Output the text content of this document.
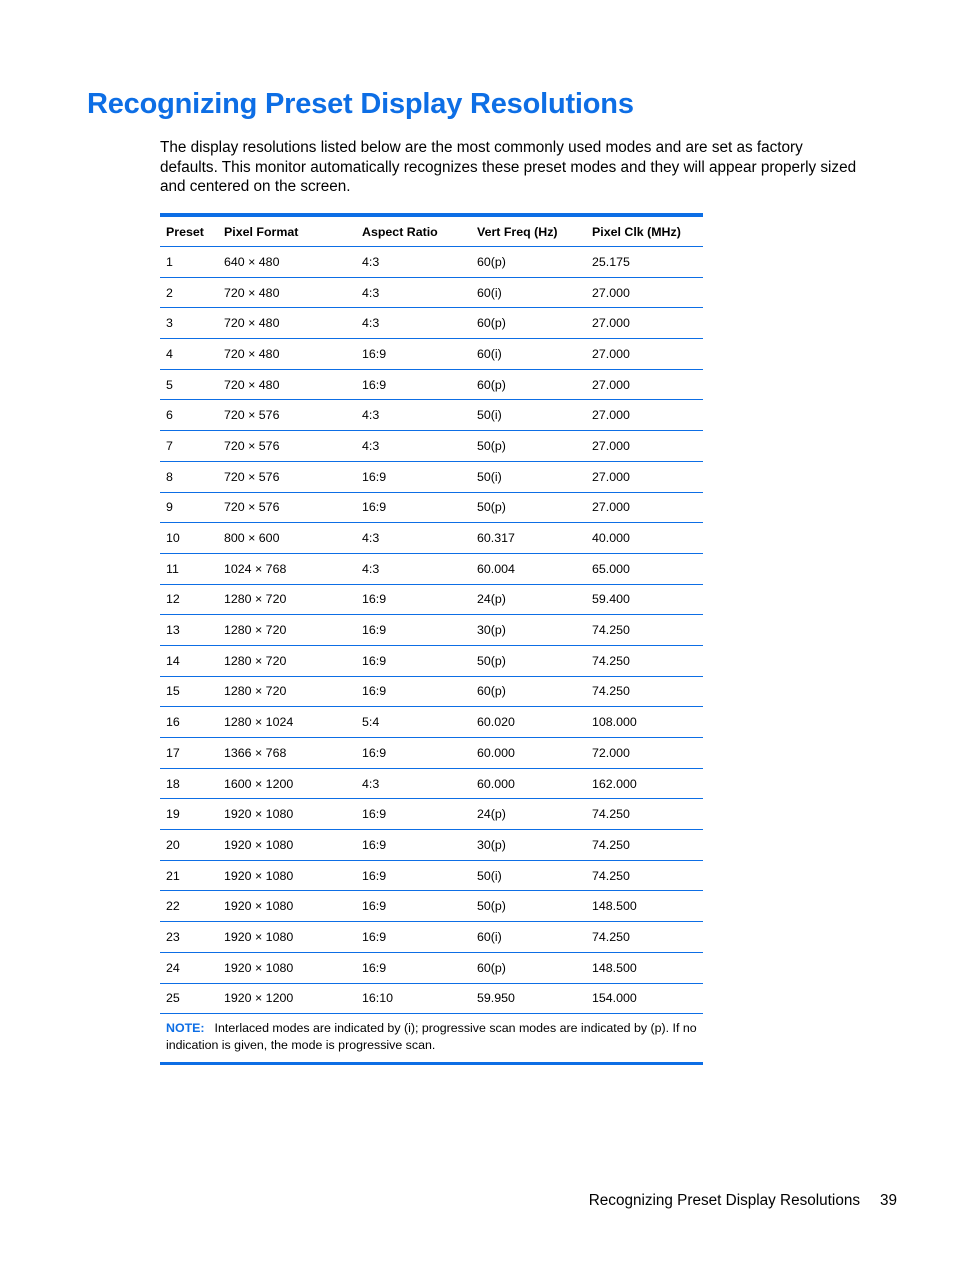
Recognizing Preset Display Resolutions

The display resolutions listed below are the most commonly used modes and are set as factory defaults. This monitor automatically recognizes these preset modes and they will appear properly sized and centered on the screen.

Preset	Pixel Format	Aspect Ratio	Vert Freq (Hz)	Pixel Clk (MHz)
1	640 × 480	4:3	60(p)	25.175
2	720 × 480	4:3	60(i)	27.000
3	720 × 480	4:3	60(p)	27.000
4	720 × 480	16:9	60(i)	27.000
5	720 × 480	16:9	60(p)	27.000
6	720 × 576	4:3	50(i)	27.000
7	720 × 576	4:3	50(p)	27.000
8	720 × 576	16:9	50(i)	27.000
9	720 × 576	16:9	50(p)	27.000
10	800 × 600	4:3	60.317	40.000
11	1024 × 768	4:3	60.004	65.000
12	1280 × 720	16:9	24(p)	59.400
13	1280 × 720	16:9	30(p)	74.250
14	1280 × 720	16:9	50(p)	74.250
15	1280 × 720	16:9	60(p)	74.250
16	1280 × 1024	5:4	60.020	108.000
17	1366 × 768	16:9	60.000	72.000
18	1600 × 1200	4:3	60.000	162.000
19	1920 × 1080	16:9	24(p)	74.250
20	1920 × 1080	16:9	30(p)	74.250
21	1920 × 1080	16:9	50(i)	74.250
22	1920 × 1080	16:9	50(p)	148.500
23	1920 × 1080	16:9	60(i)	74.250
24	1920 × 1080	16:9	60(p)	148.500
25	1920 × 1200	16:10	59.950	154.000
NOTE: Interlaced modes are indicated by (i); progressive scan modes are indicated by (p). If no indication is given, the mode is progressive scan.
Recognizing Preset Display Resolutions 39
